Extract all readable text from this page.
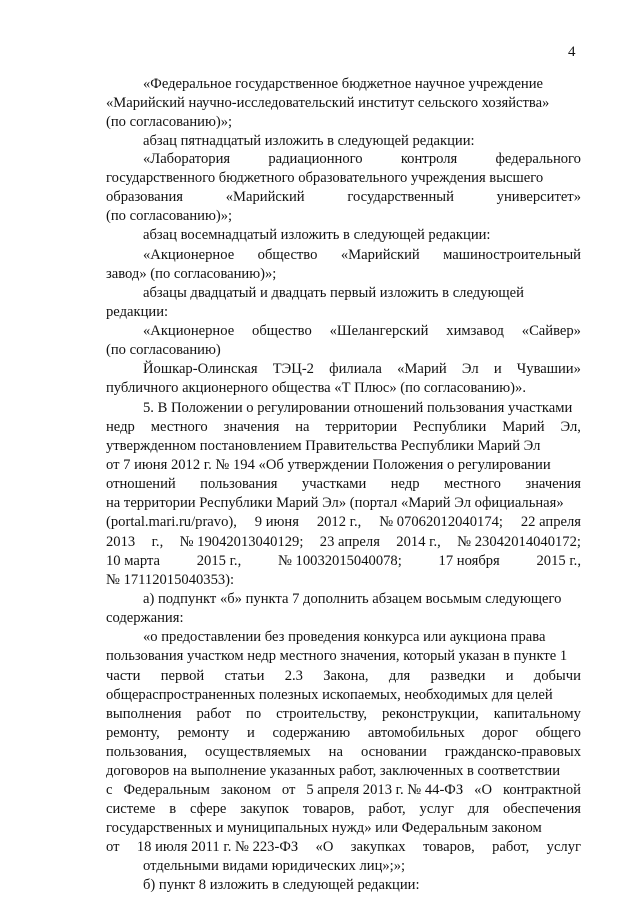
4
«Федеральное государственное бюджетное научное учреждение
«Марийский научно-исследовательский институт сельского хозяйства»
(по согласованию)»;
абзац пятнадцатый изложить в следующей редакции:
«Лаборатория	радиационного	контроля	федерального
государственного бюджетного образовательного учреждения высшего
образования	«Марийский	государственный	университет»
(по согласованию)»;
абзац восемнадцатый изложить в следующей редакции:
«Акционерное общество «Марийский машиностроительный
завод» (по согласованию)»;
абзацы двадцатый и двадцать первый изложить в следующей
редакции:
«Акционерное общество «Шелангерский химзавод «Сайвер»
(по согласованию)
Йошкар-Олинская ТЭЦ-2 филиала «Марий Эл и Чувашии»
публичного акционерного общества «Т Плюс» (по согласованию)».
5. В Положении о регулировании отношений пользования участками
недр местного значения на территории Республики Марий Эл,
утвержденном постановлением Правительства Республики Марий Эл
от 7 июня 2012 г. № 194 «Об утверждении Положения о регулировании
отношений пользования участками недр местного значения
на территории Республики Марий Эл» (портал «Марий Эл официальная»
(portal.mari.ru/pravo), 9 июня 2012 г., № 07062012040174; 22 апреля
2013 г., № 19042013040129; 23 апреля 2014 г., № 23042014040172;
10 марта	2015 г.,	№ 10032015040078;	17 ноября	2015 г.,
№ 17112015040353):
а) подпункт «б» пункта 7 дополнить абзацем восьмым следующего
содержания:
«о предоставлении без проведения конкурса или аукциона права
пользования участком недр местного значения, который указан в пункте 1
части первой статьи 2.3 Закона, для разведки и добычи
общераспространенных полезных ископаемых, необходимых для целей
выполнения работ по строительству, реконструкции, капитальному
ремонту, ремонту и содержанию автомобильных дорог общего
пользования, осуществляемых на основании гражданско-правовых
договоров на выполнение указанных работ, заключенных в соответствии
с Федеральным законом от 5 апреля 2013 г. № 44-ФЗ «О контрактной
системе в сфере закупок товаров, работ, услуг для обеспечения
государственных и муниципальных нужд» или Федеральным законом
от 18 июля 2011 г. № 223-ФЗ «О закупках товаров, работ, услуг
отдельными видами юридических лиц»;»;
б) пункт 8 изложить в следующей редакции:
